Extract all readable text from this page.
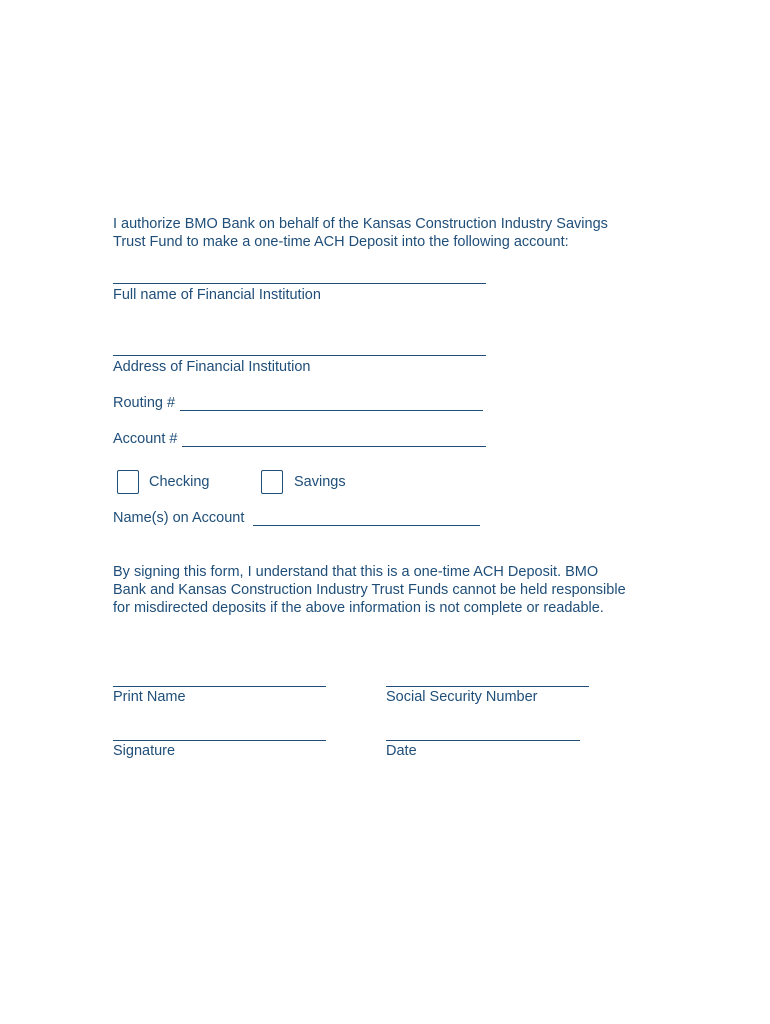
I authorize BMO Bank on behalf of the Kansas Construction Industry Savings

Trust Fund to make a one-time ACH Deposit into the following account:

Full name of Financial Institution

Address of Financial Institution

Routing #

Account #

Checking	Savings

Name(s) on Account

By signing this form, I understand that this is a one-time ACH Deposit. BMO
Bank and Kansas Construction Industry Trust Funds cannot be held responsible
for misdirected deposits if the above information is not complete or readable.

Print Name	Social Security Number

Signature	Date
